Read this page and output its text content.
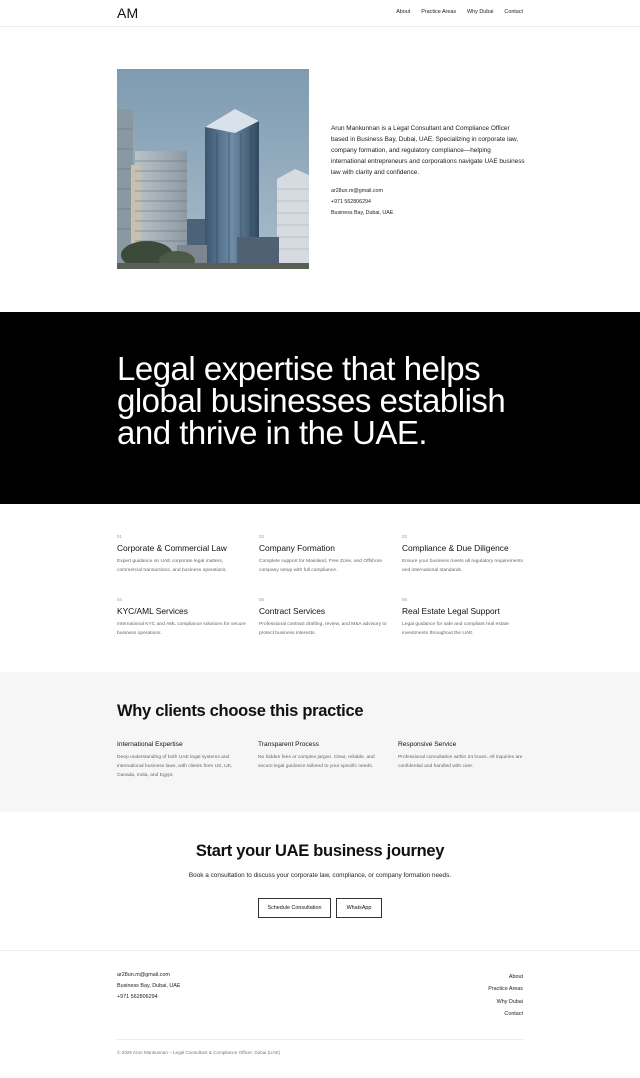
AM	About Practice Areas Why Dubai Contact

Arun Mankunnan is a Legal Consultant and Compliance Officer based in Business Bay, Dubai, UAE. Specializing in corporate law, company formation, and regulatory compliance—helping international entrepreneurs and corporations navigate UAE business law with clarity and confidence.

ar28un.m@gmail.com
+971 562806294
Business Bay, Dubai, UAE
Legal expertise that helps global businesses establish and thrive in the UAE.
01
Corporate & Commercial Law
Expert guidance on UAE corporate legal matters, commercial transactions, and business operations.
02
Company Formation
Complete support for Mainland, Free Zone, and Offshore company setup with full compliance.
03
Compliance & Due Diligence
Ensure your business meets all regulatory requirements and international standards.
04
KYC/AML Services
International KYC and AML compliance solutions for secure business operations.
05
Contract Services
Professional contract drafting, review, and M&A advisory to protect business interests.
06
Real Estate Legal Support
Legal guidance for safe and compliant real estate investments throughout the UAE.
Why clients choose this practice
International Expertise
Deep understanding of both UAE legal systems and international business laws, with clients from US, UK, Canada, India, and Egypt.
Transparent Process
No hidden fees or complex jargon. Clear, reliable, and secure legal guidance tailored to your specific needs.
Responsive Service
Professional consultation within 24 hours. All inquiries are confidential and handled with care.
Start your UAE business journey

Book a consultation to discuss your corporate law, compliance, or company formation needs.

Schedule Consultation	WhatsApp
ar28un.m@gmail.com
Business Bay, Dubai, UAE
+971 562806294
About
Practice Areas
Why Dubai
Contact
© 2025 Arun Mankunnan – Legal Consultant & Compliance Officer, Dubai (UAE)
